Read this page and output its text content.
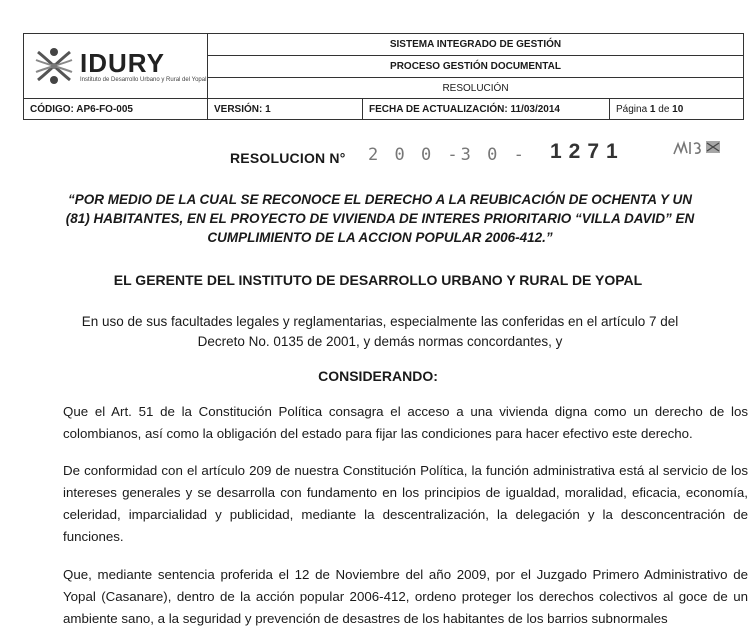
IDURY
Instituto de Desarrollo Urbano y Rural del Yopal	SISTEMA INTEGRADO DE GESTIÓN		
	PROCESO GESTIÓN DOCUMENTAL		
	RESOLUCIÓN		
CÓDIGO: AP6-FO-005	VERSIÓN: 1	FECHA DE ACTUALIZACIÓN: 11/03/2014	Página 1 de 10
RESOLUCION N° 2 0 0 -3 0 - 1271
“POR MEDIO DE LA CUAL SE RECONOCE EL DERECHO A LA REUBICACIÓN DE OCHENTA Y UN (81) HABITANTES, EN EL PROYECTO DE VIVIENDA DE INTERES PRIORITARIO “VILLA DAVID” EN CUMPLIMIENTO DE LA ACCION POPULAR 2006-412.”
EL GERENTE DEL INSTITUTO DE DESARROLLO URBANO Y RURAL DE YOPAL
En uso de sus facultades legales y reglamentarias, especialmente las conferidas en el artículo 7 del Decreto No. 0135 de 2001, y demás normas concordantes, y
CONSIDERANDO:
Que el Art. 51 de la Constitución Política consagra el acceso a una vivienda digna como un derecho de los colombianos, así como la obligación del estado para fijar las condiciones para hacer efectivo este derecho.
De conformidad con el artículo 209 de nuestra Constitución Política, la función administrativa está al servicio de los intereses generales y se desarrolla con fundamento en los principios de igualdad, moralidad, eficacia, economía, celeridad, imparcialidad y publicidad, mediante la descentralización, la delegación y la desconcentración de funciones.
Que, mediante sentencia proferida el 12 de Noviembre del año 2009, por el Juzgado Primero Administrativo de Yopal (Casanare), dentro de la acción popular 2006-412, ordeno proteger los derechos colectivos al goce de un ambiente sano, a la seguridad y prevención de desastres de los habitantes de los barrios subnormales
